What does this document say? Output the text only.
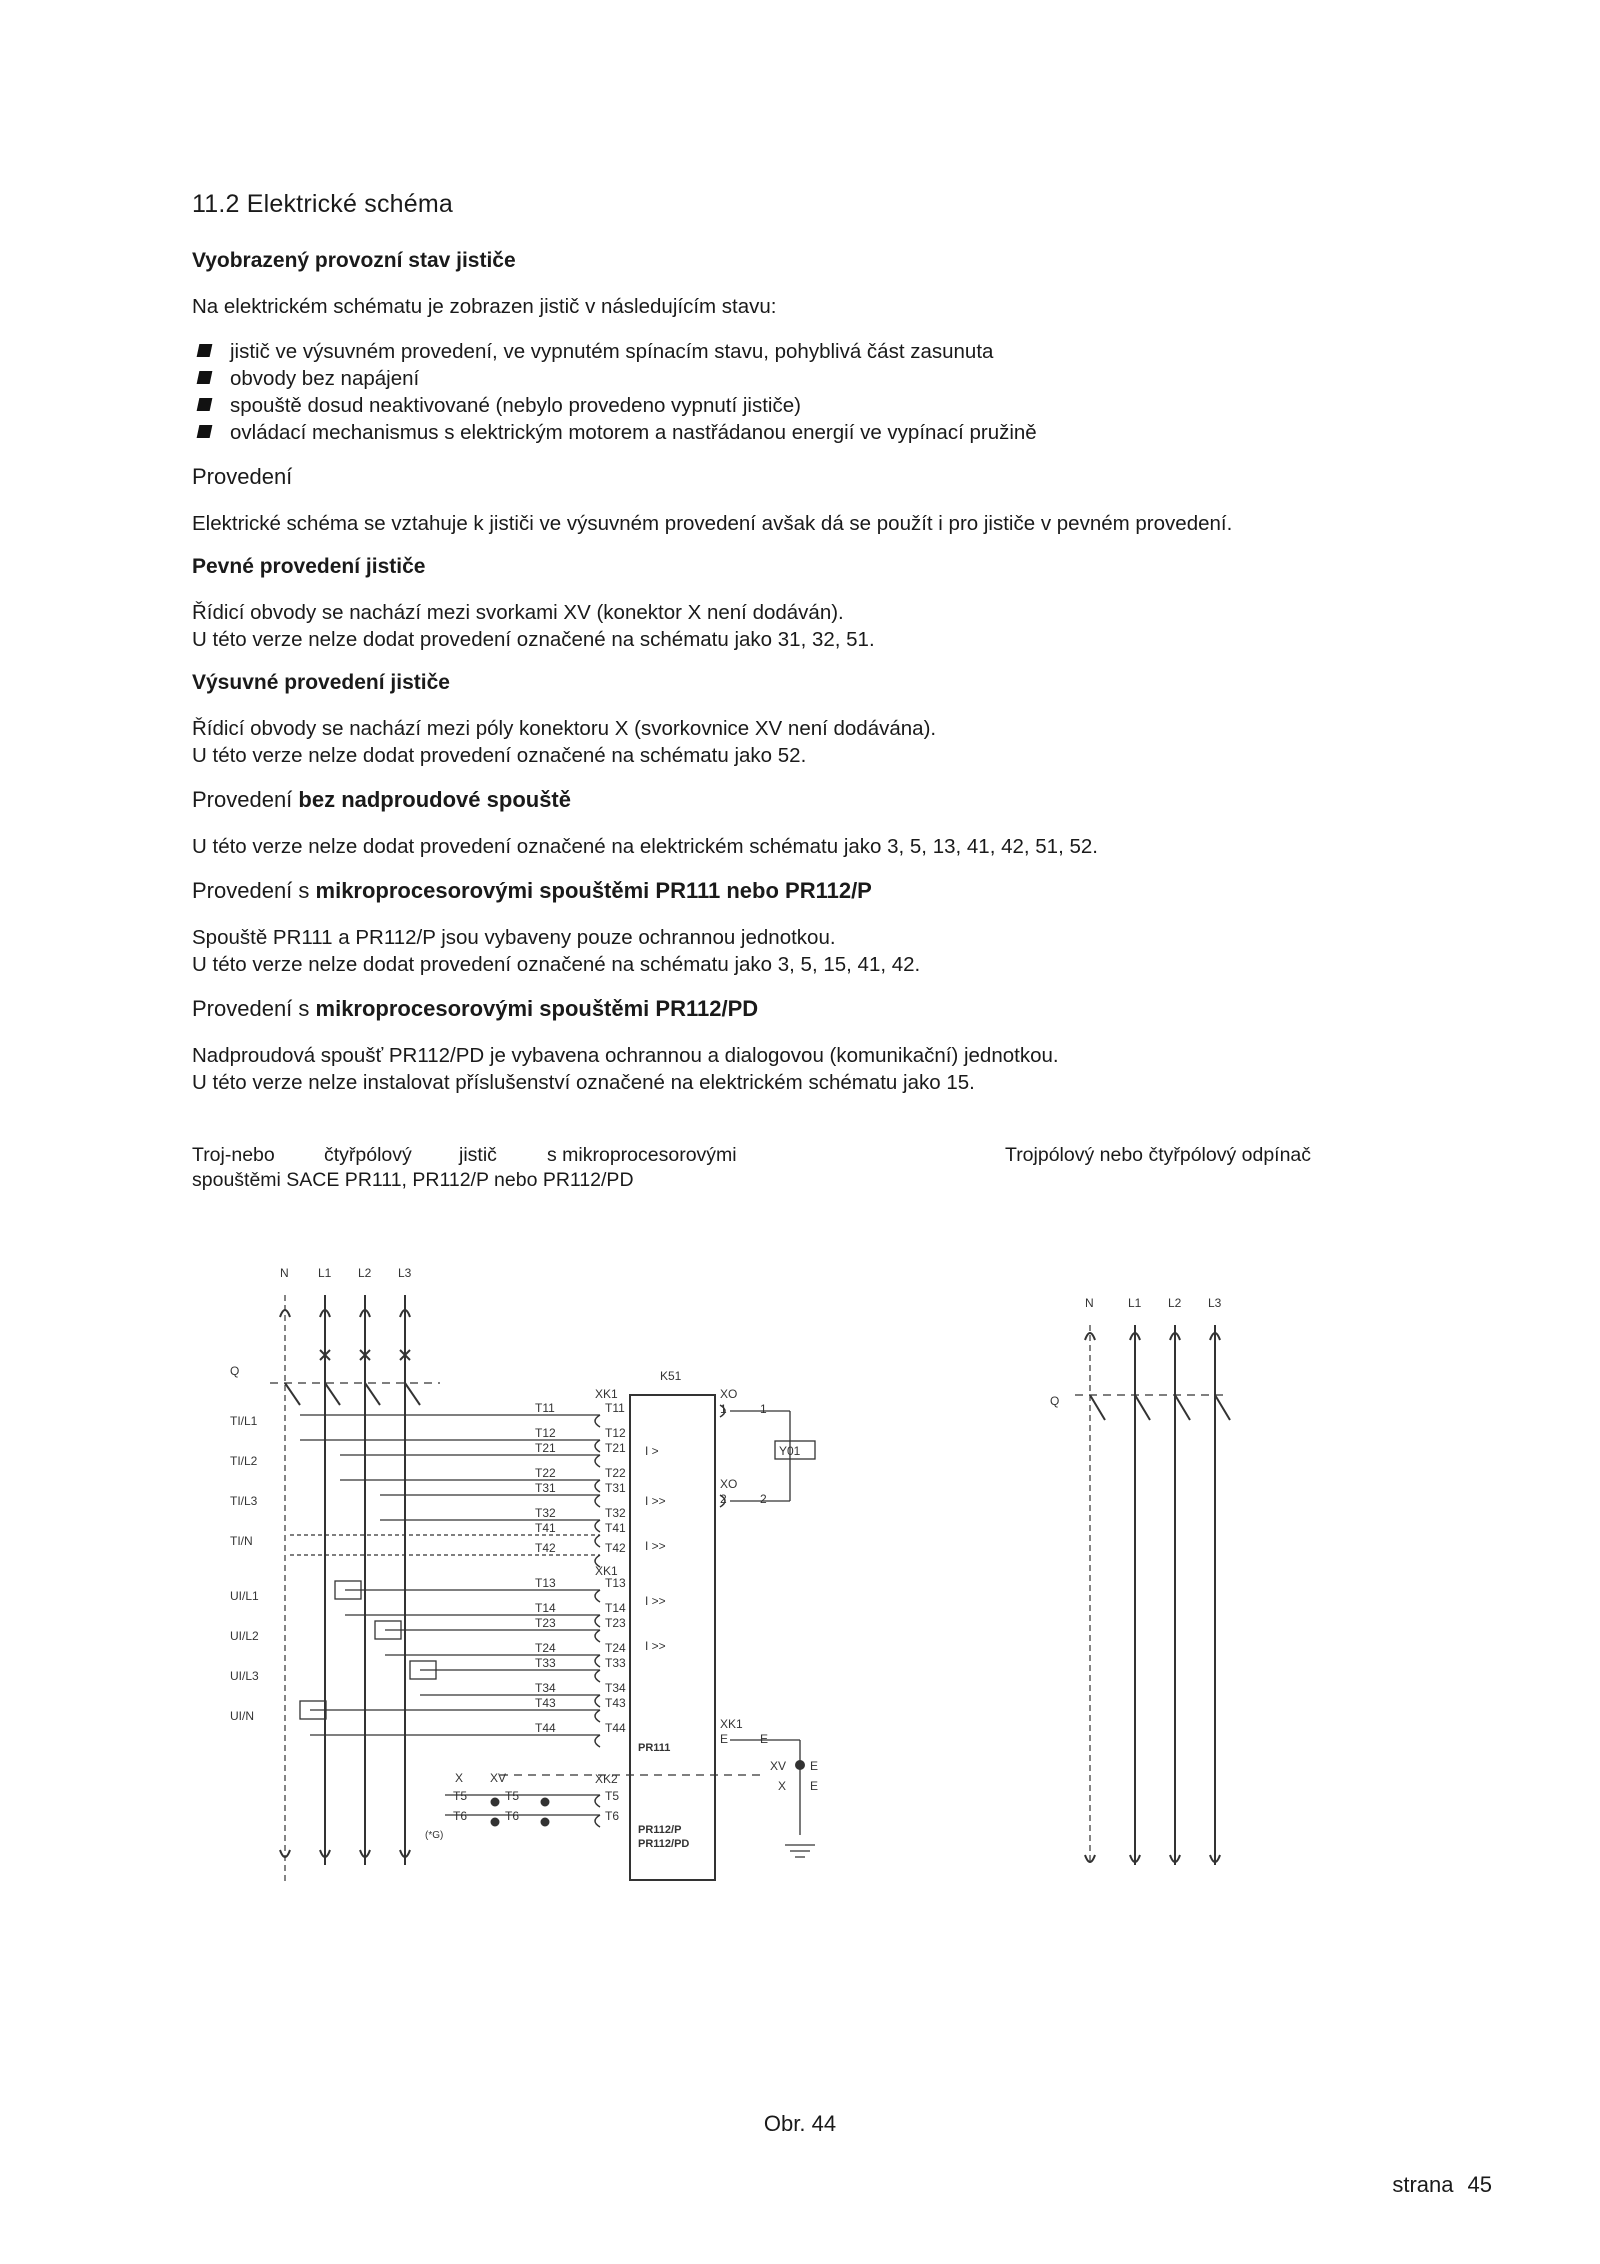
11.2 Elektrické schéma
Vyobrazený provozní stav jističe

Na elektrickém schématu je zobrazen jistič v následujícím stavu:

jistič ve výsuvném provedení, ve vypnutém spínacím stavu, pohyblivá část zasunuta
obvody bez napájení
spouště dosud neaktivované (nebylo provedeno vypnutí jističe)
ovládací mechanismus s elektrickým motorem a nastřádanou energií ve vypínací pružině
Provedení

Elektrické schéma se vztahuje k jističi ve výsuvném provedení avšak dá se použít i pro jističe v pevném provedení.

Pevné provedení jističe

Řídicí obvody se nachází mezi svorkami XV (konektor X není dodáván).
U této verze nelze dodat provedení označené na schématu jako 31, 32, 51.

Výsuvné provedení jističe

Řídicí obvody se nachází mezi póly konektoru X (svorkovnice XV není dodávána).
U této verze nelze dodat provedení označené na schématu jako 52.

Provedení bez nadproudové spouště

U této verze nelze dodat provedení označené na elektrickém schématu jako 3, 5, 13, 41, 42, 51, 52.

Provedení s mikroprocesorovými spouštěmi PR111 nebo PR112/P

Spouště PR111 a PR112/P jsou vybaveny pouze ochrannou jednotkou.
U této verze nelze dodat provedení označené na schématu jako 3, 5, 15, 41, 42.

Provedení s mikroprocesorovými spouštěmi PR112/PD

Nadproudová spoušť PR112/PD je vybavena ochrannou a dialogovou (komunikační) jednotkou.
U této verze nelze instalovat příslušenství označené na elektrickém schématu jako 15.

Troj-nebo	čtyřpólový jistič	s mikroprocesorovými
spouštěmi SACE PR111, PR112/P nebo PR112/PD
Trojpólový nebo čtyřpólový odpínač
N L1 L2 L3
Q
TI/L1
TI/L2
TI/L3
TI/N
UI/L1
UI/L2
UI/L3
UI/N
T11
T12
T21
T22
T31
T32
T41
T42
T13
T14
T23
T24
T33
T34
T43
T44
T11
T12
T21
T22
T31
T32
T41
T42
T13
T14
T23
T24
T33
T34
T43
T44
XK1
XK1
XK2
K51
I >
I >>
I >>
I >>
I >>
XO
1	1
XO
2	2
Y01
XK1
E	E
XV E
X E
X XV
T5
T6
T5
T6
T5
T6
(*G)
PR111
PR112/P
PR112/PD
N	L1 L2 L3
Q
Obr. 44
strana 45
